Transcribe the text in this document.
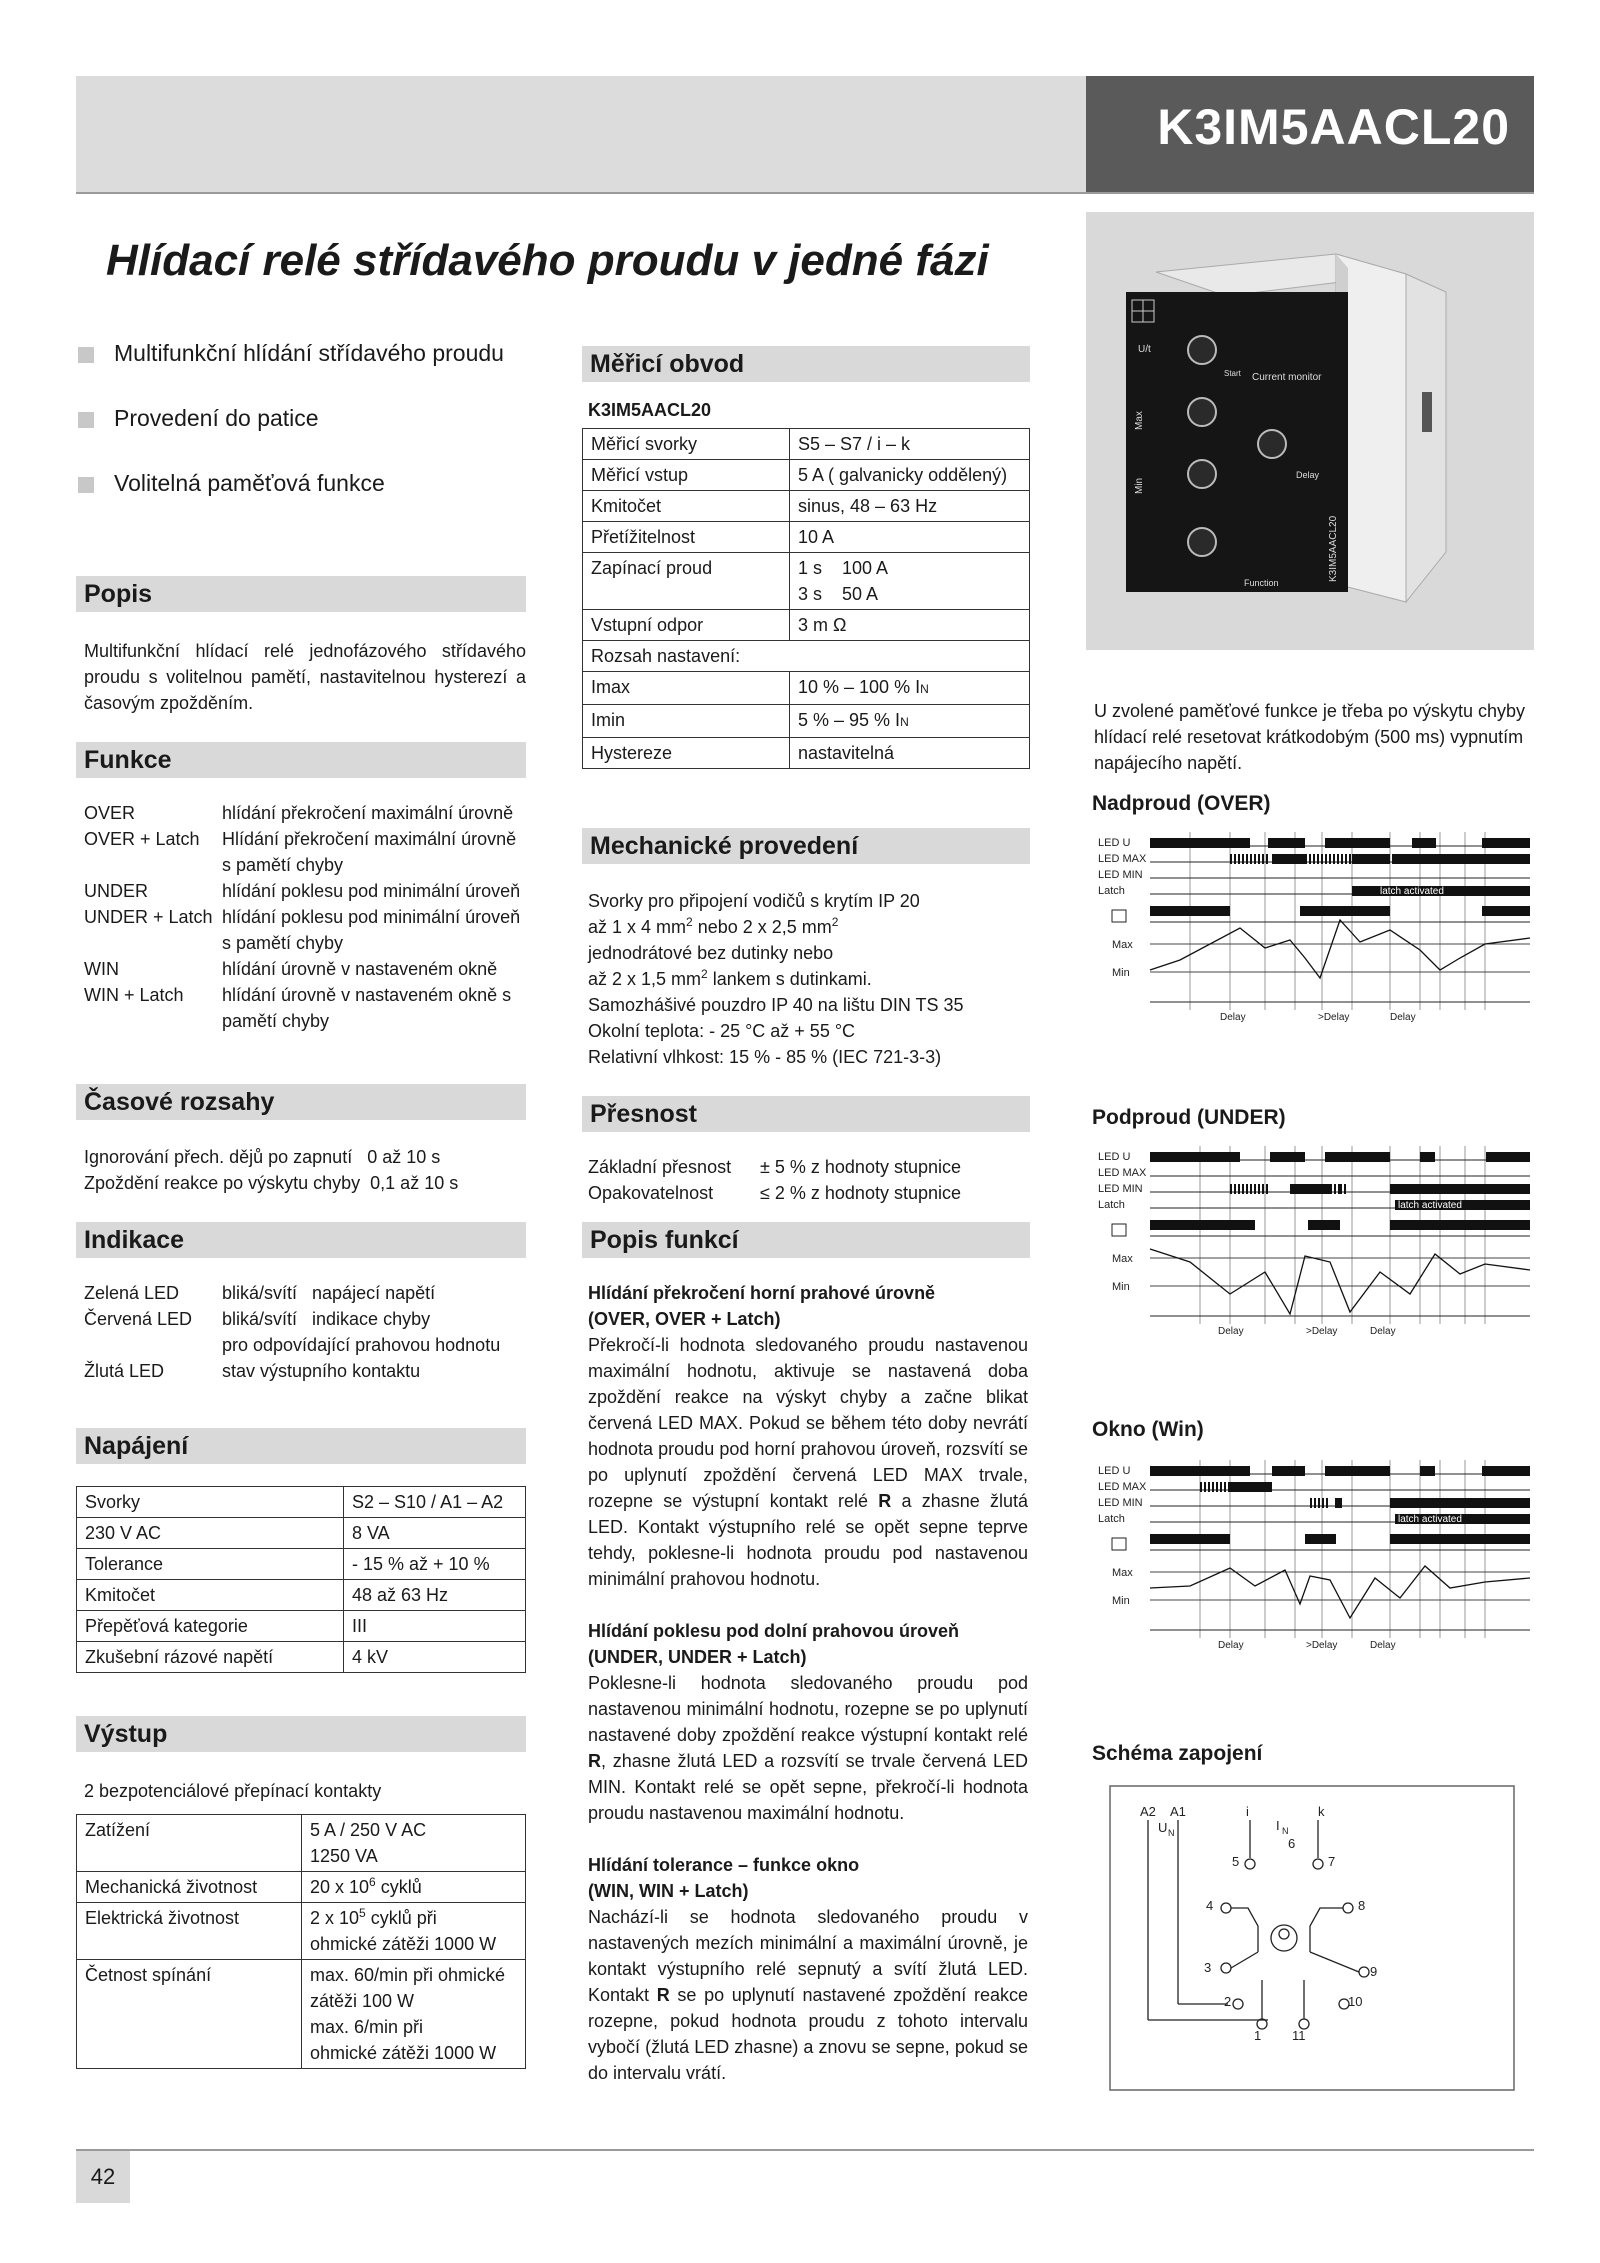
K3IM5AACL20
Hlídací relé střídavého proudu v jedné fázi
Multifunkční hlídání střídavého proudu
Provedení do patice
Volitelná paměťová funkce
Popis
Multifunkční hlídací relé jednofázového střídavého proudu s volitelnou pamětí, nastavitelnou hysterezí a časovým zpožděním.
Funkce
OVER	hlídání překročení maximální úrovně
OVER + Latch	Hlídání překročení maximální úrovně s pamětí chyby
UNDER	hlídání poklesu pod minimální úroveň
UNDER + Latch hlídání poklesu pod minimální úroveň s pamětí chyby
WIN	hlídání úrovně v nastaveném okně
WIN + Latch	hlídání úrovně v nastaveném okně s pamětí chyby
Časové rozsahy
Ignorování přech. dějů po zapnutí 0 až 10 s
Zpoždění reakce po výskytu chyby 0,1 až 10 s
Indikace
Zelená LED	bliká/svítí   napájecí napětí
Červená LED	bliká/svítí   indikace chyby
pro odpovídající prahovou hodnotu
Žlutá LED	stav výstupního kontaktu
Napájení
Svorky	S2 – S10 / A1 – A2
230 V AC	8 VA
Tolerance	- 15 % až + 10 %
Kmitočet	48 až 63 Hz
Přepěťová kategorie	III
Zkušební rázové napětí	4 kV
Výstup
2 bezpotenciálové přepínací kontakty
Zatížení	5 A / 250 V AC
1250 VA

Mechanická životnost	20 x $10^6$ cyklů
Elektrická životnost	2 x $10^5$ cyklů při
ohmické zátěži 1000 W

Četnost spínání	max. 60/min při ohmické
zátěži 100 W
max. 6/min při
ohmické zátěži 1000 W
Měřicí obvod
K3IM5AACL20
Měřicí svorky	S5 – S7 / i – k
Měřicí vstup	5 A ( galvanicky oddělený)
Kmitočet	sinus, 48 – 63 Hz
Přetížitelnost	10 A
Zapínací proud	1 s    100 A
3 s    50 A

Vstupní odpor	3 m Ω
Rozsah nastavení:	
Imax	10 % – 100 % IN
Imin	5 % – 95 % IN
Hystereze	nastavitelná
Mechanické provedení
Svorky pro připojení vodičů s krytím IP 20
až 1 x 4 $mm^2$ nebo 2 x 2,5 $mm^2$
jednodrátové bez dutinky nebo
až 2 x 1,5 $mm^2$ lankem s dutinkami.
Samozhášivé pouzdro IP 40 na lištu DIN TS 35
Okolní teplota: - 25 °C až + 55 °C
Relativní vlhkost: 15 % - 85 % (IEC 721-3-3)
Přesnost
Základní přesnost	± 5 % z hodnoty stupnice
Opakovatelnost	≤ 2 % z hodnoty stupnice
Popis funkcí
Hlídání překročení horní prahové úrovně
(OVER, OVER + Latch)
Překročí-li hodnota sledovaného proudu nastavenou maximální hodnotu, aktivuje se nastavená doba zpoždění reakce na výskyt chyby a začne blikat červená LED MAX. Pokud se během této doby nevrátí hodnota proudu pod horní prahovou úroveň, rozsvítí se po uplynutí zpoždění červená LED MAX trvale, rozepne se výstupní kontakt relé R a zhasne žlutá LED. Kontakt výstupního relé se opět sepne teprve tehdy, poklesne-li hodnota proudu pod nastavenou minimální prahovou hodnotu.
Hlídání poklesu pod dolní prahovou úroveň
(UNDER, UNDER + Latch)
Poklesne-li hodnota sledovaného proudu pod nastavenou minimální hodnotu, rozepne se po uplynutí nastavené doby zpoždění reakce výstupní kontakt relé R, zhasne žlutá LED a rozsvítí se trvale červená LED MIN. Kontakt relé se opět sepne, překročí-li hodnota proudu nastavenou maximální hodnotu.
Hlídání tolerance – funkce okno
(WIN, WIN + Latch)
Nachází-li se hodnota sledovaného proudu v nastavených mezích minimální a maximální úrovně, je kontakt výstupního relé sepnutý a svítí žlutá LED. Kontakt R se po uplynutí nastavené zpoždění reakce rozepne, pokud hodnota proudu z tohoto intervalu vybočí (žlutá LED zhasne) a znovu se sepne, pokud se do intervalu vrátí.
U/t
Max
Min
Current monitor
Delay
Function
Start
K3IM5AACL20
U zvolené paměťové funkce je třeba po výskytu chyby hlídací relé resetovat krátkodobým (500 ms) vypnutím napájecího napětí.
Nadproud (OVER)
Podproud (UNDER)
Okno (Win)
Schéma zapojení
LED U
LED MAX
LED MIN
Latch	latch activated
Max
Min
Delay	>Delay	Delay
LED U
LED MAX
LED MIN
Latch	latch activated
Max
Min
Delay	>Delay	Delay
LED U
LED MAX
LED MIN
Latch	latch activated
Max
Min
Delay	>Delay	Delay
A2 A1
U N
i
I N
k
6
5	7
4	8
3	9
2	10
1 11
42
